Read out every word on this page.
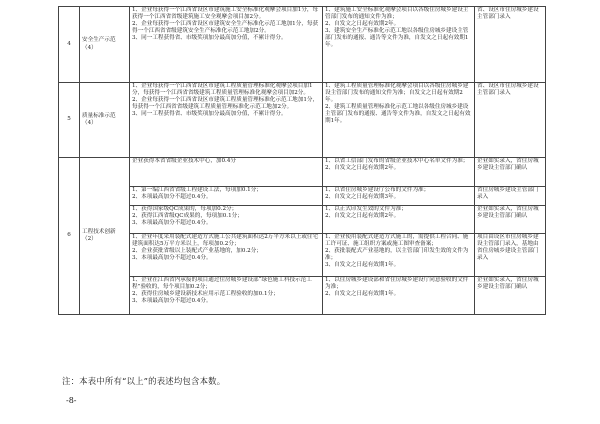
4	安全生产示范（4）	1、企业每获得一个江西省设区市建筑施工安全标准化观摩会项目加1分，每获得一个江西省省级建筑施工安全观摩会项目加2分。
2、企业每获得一个江西省设区市建筑安全生产标准化示范工地加1分，每获得一个江西省省级建筑安全生产标准化示范工地加2分。
3、同一工程获得省、市级奖项加分最高加分值，不累计得分。	1、建筑施工安全标准化观摩会项目以各级住房城乡建设主管部门发布的通知文件为准；
2、自发文之日起有效期2年。
3、建筑安全生产标准化示范工地以各级住房城乡建设主管部门发布的通报、通告等文件为准，自发文之日起有效期1年。	省、设区市住房城乡建设主管部门录入
5	质量标准示范（4）	1、企业每获得一个江西省设区市建筑工程质量管理标准化观摩会项目加1分，每获得一个江西省省级建筑工程质量管理标准化观摩会项目加2分。
2、企业每获得一个江西省设区市建筑工程质量管理标准化示范工地加1分，每获得一个江西省省级建筑工程质量管理标准化示范工地加2分。
3、同一工程获得省、市级奖项加分最高加分值，不累计得分。	1、建筑工程质量管理标准化观摩会项目以各级住房城乡建设主管部门发布的通知文件为准；自发文之日起有效期2年。
2、建筑工程质量管理标准化示范工地以各级住房城乡建设主管部门发布的通报、通告等文件为准，自发文之日起有效期1年。	省、设区市住房城乡建设主管部门录入
6	工程技术创新（2）	企业获得本省省级企业技术中心，加0.4分	1、以省工信部门发布的省级企业技术中心名单文件为准；
2、自发文之日起有效期2年。	企业如实录入，省住房城乡建设主管部门确认
		1、第一编江西省省级工程建设工法，每项加0.1分；
2、本项最高加分不超过0.4分。	1、以省住房城乡建设厅公布的文件为准；
2、自发文之日起有效期3年。	省住房城乡建设主管部门录入
		1、获得国家级QC成果的，每项加0.2分；
2、获得江西省级QC成果的，每项加0.1分；
3、本项最高加分不超过0.4分。	1、以正式印发生效的文件为准；
2、自发文之日起有效期2年。	企业如实录入，省住房城乡建设主管部门确认
		1、企业年度采用装配式建造方式施工公共建筑面积达2万平方米以上或住宅建筑面积达5万平方米以上，每项加0.2分；
2、企业获批省级以上装配式产业基地的，加0.2分；
3、本项最高加分不超过0.4分。	1、企业使用装配式建造方式施工的，需提供工程合同、施工许可证、施工组织方案或施工图审查备案；
2、获批装配式产业基地的，以主管部门印发生效的文件为准；
3、自发文之日起有效期1年。	项目由设区市住房城乡建设主管部门录入，基地由省住房城乡建设主管部门录入
		1、企业在江西省内承接的项目通过住房城乡建设部“绿色施工科技示范工程”验收的，每个项目加0.2分；
2、获得住房城乡建设新技术应用示范工程验收的加0.1分；
3、本项最高加分不超过0.4分。	1、以住房城乡建设部和省住房城乡建设厅同意验收的文件为准；
2、自发文之日起有效期1年。	企业如实录入，省住房城乡建设主管部门确认
注：本表中所有“以上”的表述均包含本数。
-8-
